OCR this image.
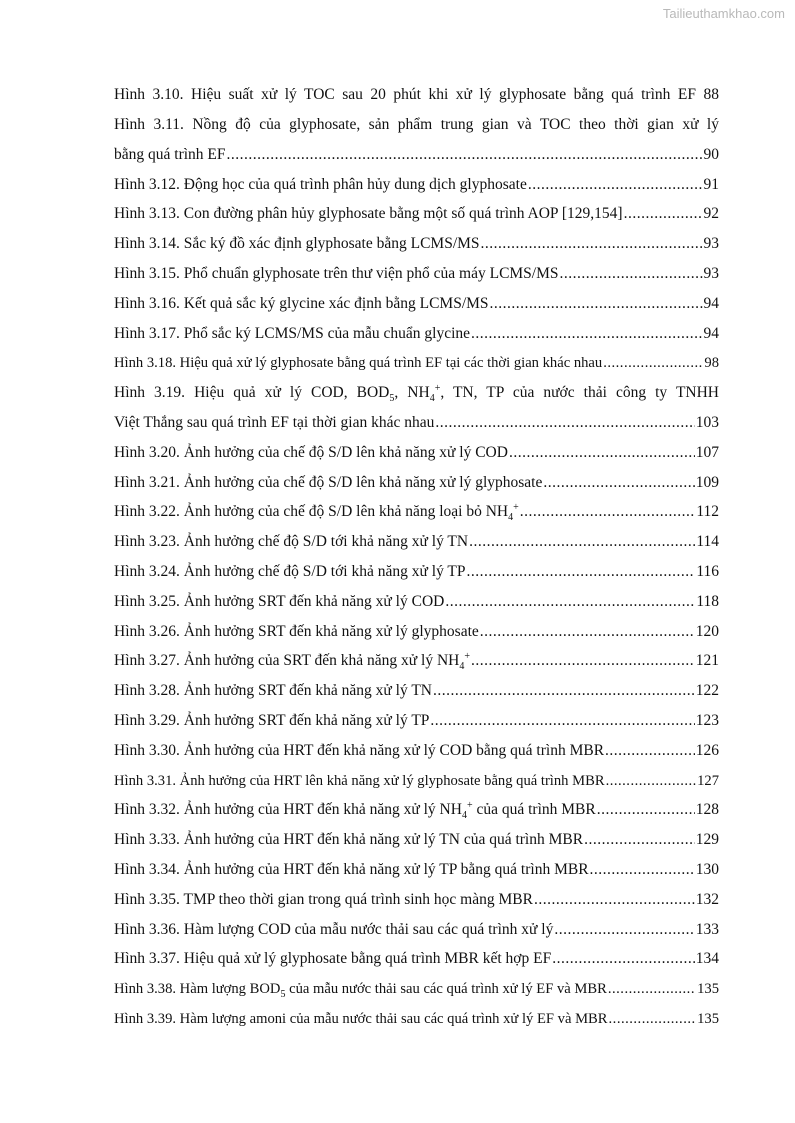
Tailieuthamkhao.com
Hình 3.10. Hiệu suất xử lý TOC sau 20 phút khi xử lý glyphosate bằng quá trình EF 88
Hình 3.11. Nồng độ của glyphosate, sản phẩm trung gian và TOC theo thời gian xử lý
bằng quá trình EF .....	90
Hình 3.12. Động học của quá trình phân hủy dung dịch glyphosate .....	91
Hình 3.13. Con đường phân hủy glyphosate bằng một số quá trình AOP [129,154] .....	92
Hình 3.14. Sắc ký đồ xác định glyphosate bằng LCMS/MS .....	93
Hình 3.15. Phổ chuẩn glyphosate trên thư viện phổ của máy LCMS/MS .....	93
Hình 3.16. Kết quả sắc ký glycine xác định bằng LCMS/MS .....	94
Hình 3.17. Phổ sắc ký LCMS/MS của mẫu chuẩn glycine .....	94
Hình 3.18. Hiệu quả xử lý glyphosate bằng quá trình EF tại các thời gian khác nhau .....	98
Hình 3.19. Hiệu quả xử lý COD, $BOD_5$, $NH_4^+$, TN, TP của nước thải công ty TNHH
Việt Thắng sau quá trình EF tại thời gian khác nhau .....	103
Hình 3.20. Ảnh hưởng của chế độ S/D lên khả năng xử lý COD .....	107
Hình 3.21. Ảnh hưởng của chế độ S/D lên khả năng xử lý glyphosate .....	109
Hình 3.22. Ảnh hưởng của chế độ S/D lên khả năng loại bỏ $NH_4^+$ .....	112
Hình 3.23. Ảnh hưởng chế độ S/D tới khả năng xử lý TN .....	114
Hình 3.24. Ảnh hưởng chế độ S/D tới khả năng xử lý TP .....	116
Hình 3.25. Ảnh hưởng SRT đến khả năng xử lý COD .....	118
Hình 3.26. Ảnh hưởng SRT đến khả năng xử lý glyphosate .....	120
Hình 3.27. Ảnh hưởng của SRT đến khả năng xử lý $NH_4^+$ .....	121
Hình 3.28. Ảnh hưởng SRT đến khả năng xử lý TN .....	122
Hình 3.29. Ảnh hưởng SRT đến khả năng xử lý TP .....	123
Hình 3.30. Ảnh hưởng của HRT đến khả năng xử lý COD bằng quá trình MBR .....	126
Hình 3.31. Ảnh hưởng của HRT lên khả năng xử lý glyphosate bằng quá trình MBR .....	127
Hình 3.32. Ảnh hưởng của HRT đến khả năng xử lý $NH_4^+$ của quá trình MBR .....	128
Hình 3.33. Ảnh hưởng của HRT đến khả năng xử lý TN của quá trình MBR .....	129
Hình 3.34. Ảnh hưởng của HRT đến khả năng xử lý TP bằng quá trình MBR .....	130
Hình 3.35. TMP theo thời gian trong quá trình sinh học màng MBR .....	132
Hình 3.36. Hàm lượng COD của mẫu nước thải sau các quá trình xử lý .....	133
Hình 3.37. Hiệu quả xử lý glyphosate bằng quá trình MBR kết hợp EF .....	134
Hình 3.38. Hàm lượng $BOD_5$ của mẫu nước thải sau các quá trình xử lý EF và MBR .....	135
Hình 3.39. Hàm lượng amoni của mẫu nước thải sau các quá trình xử lý EF và MBR .....	135
